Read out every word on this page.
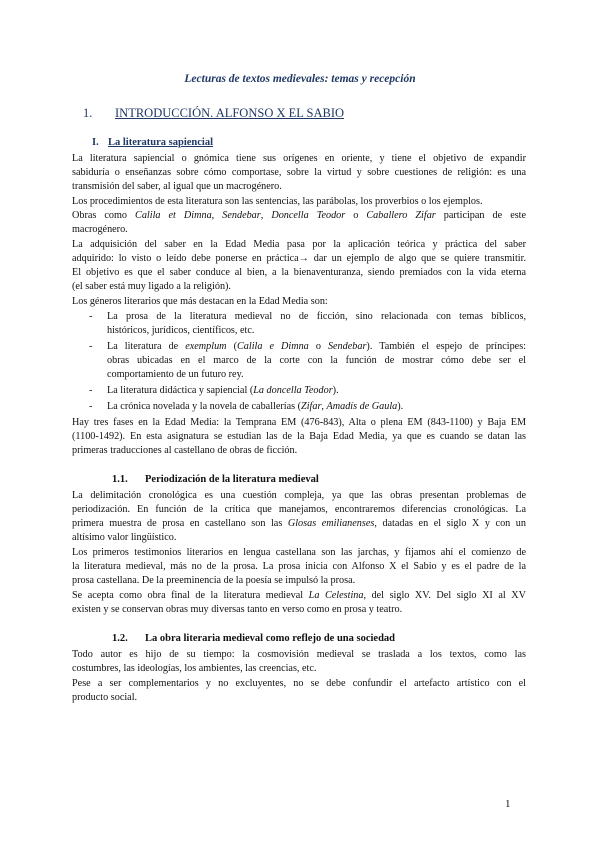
Lecturas de textos medievales: temas y recepción
1. INTRODUCCIÓN. ALFONSO X EL SABIO
I. La literatura sapiencial
La literatura sapiencial o gnómica tiene sus orígenes en oriente, y tiene el objetivo de expandir
sabiduría o enseñanzas sobre cómo comportase, sobre la virtud y sobre cuestiones de religión: es una
transmisión del saber, al igual que un macrogénero.
Los procedimientos de esta literatura son las sentencias, las parábolas, los proverbios o los ejemplos.
Obras como Calila et Dimna, Sendebar, Doncella Teodor o Caballero Zifar participan de este
macrogénero.
La adquisición del saber en la Edad Media pasa por la aplicación teórica y práctica del saber
adquirido: lo visto o leído debe ponerse en práctica→ dar un ejemplo de algo que se quiere transmitir.
El objetivo es que el saber conduce al bien, a la bienaventuranza, siendo premiados con la vida eterna
(el saber está muy ligado a la religión).
Los géneros literarios que más destacan en la Edad Media son:
- La prosa de la literatura medieval no de ficción, sino relacionada con temas bíblicos,
históricos, jurídicos, científicos, etc.
- La literatura de exemplum (Calila e Dimna o Sendebar). También el espejo de príncipes:
obras ubicadas en el marco de la corte con la función de mostrar cómo debe ser el
comportamiento de un futuro rey.
- La literatura didáctica y sapiencial (La doncella Teodor).
- La crónica novelada y la novela de caballerías (Zifar, Amadís de Gaula).
Hay tres fases en la Edad Media: la Temprana EM (476-843), Alta o plena EM (843-1100) y Baja EM
(1100-1492). En esta asignatura se estudian las de la Baja Edad Media, ya que es cuando se datan las
primeras traducciones al castellano de obras de ficción.
1.1. Periodización de la literatura medieval
La delimitación cronológica es una cuestión compleja, ya que las obras presentan problemas de
periodización. En función de la crítica que manejamos, encontraremos diferencias cronológicas. La
primera muestra de prosa en castellano son las Glosas emilianenses, datadas en el siglo X y con un
altísimo valor lingüístico.
Los primeros testimonios literarios en lengua castellana son las jarchas, y fijamos ahí el comienzo de
la literatura medieval, más no de la prosa. La prosa inicia con Alfonso X el Sabio y es el padre de la
prosa castellana. De la preeminencia de la poesía se impulsó la prosa.
Se acepta como obra final de la literatura medieval La Celestina, del siglo XV. Del siglo XI al XV
existen y se conservan obras muy diversas tanto en verso como en prosa y teatro.
1.2. La obra literaria medieval como reflejo de una sociedad
Todo autor es hijo de su tiempo: la cosmovisión medieval se traslada a los textos, como las
costumbres, las ideologías, los ambientes, las creencias, etc.
Pese a ser complementarios y no excluyentes, no se debe confundir el artefacto artístico con el
producto social.
1
